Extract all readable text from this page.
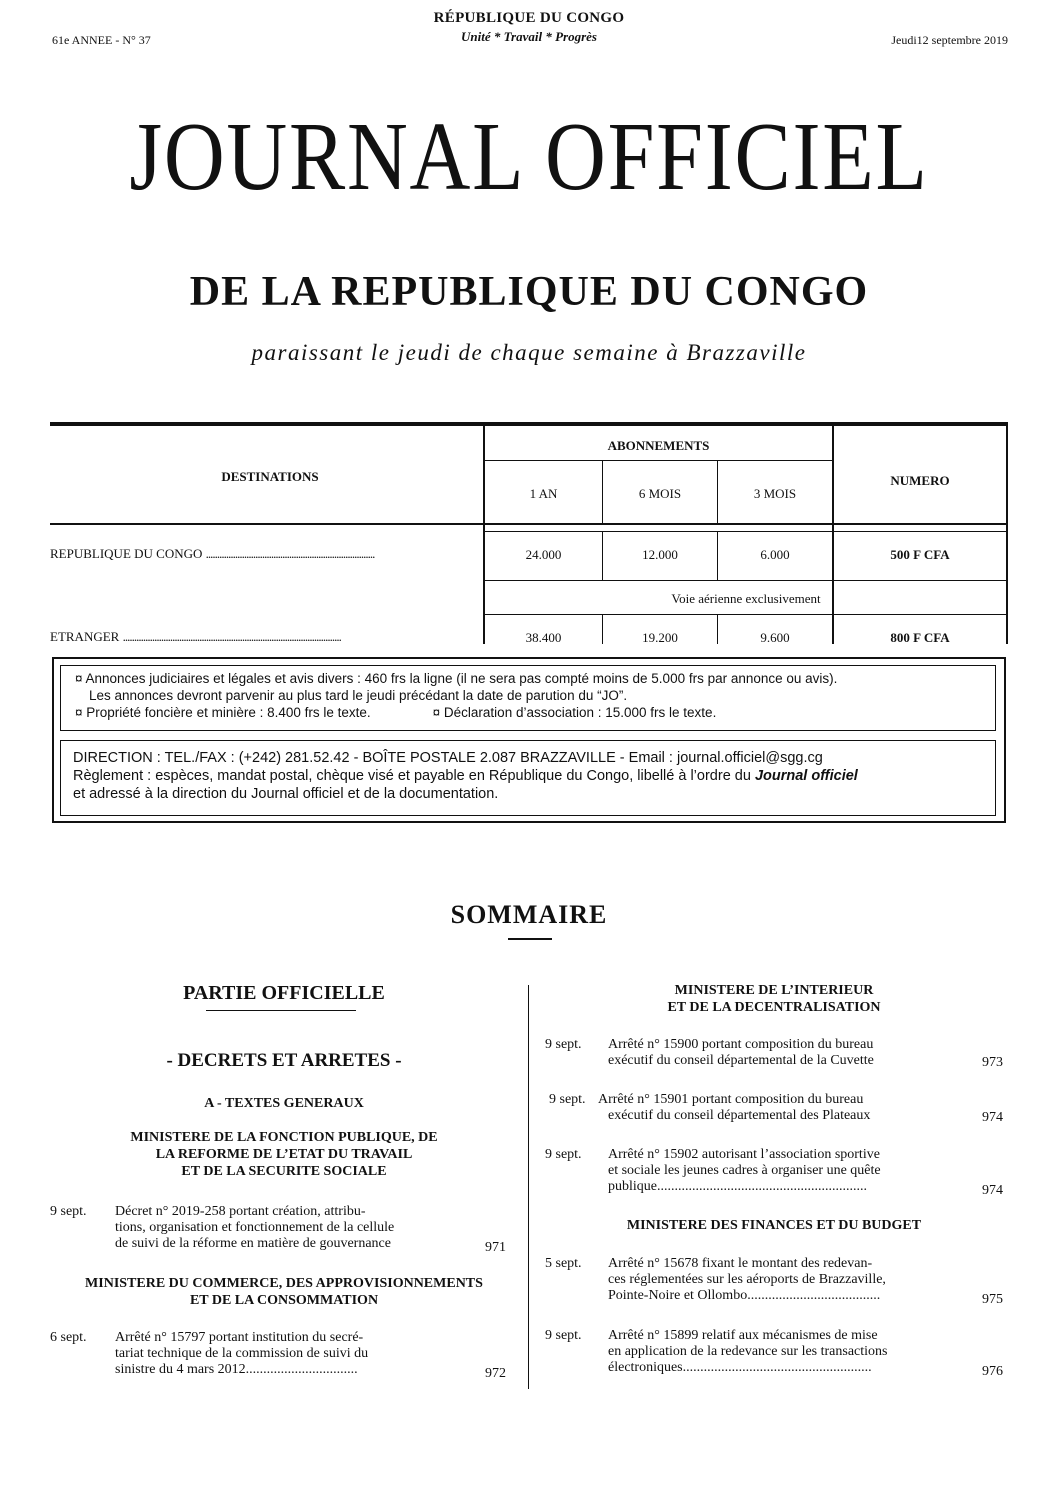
61e ANNEE - N° 37
RÉPUBLIQUE DU CONGO
Unité * Travail * Progrès	Jeudi12 septembre 2019
JOURNAL OFFICIEL
DE LA REPUBLIQUE DU CONGO
paraissant le jeudi de chaque semaine à Brazzaville
DESTINATIONS
ABONNEMENTS
NUMERO
1 AN	6 MOIS	3 MOIS
REPUBLIQUE DU CONGO ...........................................................................	24.000	12.000	6.000	500 F CFA
Voie aérienne exclusivement
ETRANGER .................................................................................................	38.400	19.200	9.600	800 F CFA
¤ Annonces judiciaires et légales et avis divers : 460 frs la ligne (il ne sera pas compté moins de 5.000 frs par annonce ou avis).
Les annonces devront parvenir au plus tard le jeudi précédant la date de parution du “JO”.
¤ Propriété foncière et minière : 8.400 frs le texte.	¤ Déclaration d’association : 15.000 frs le texte.
DIRECTION : TEL./FAX : (+242) 281.52.42 - BOÎTE POSTALE 2.087 BRAZZAVILLE - Email : journal.officiel@sgg.cg
Règlement : espèces, mandat postal, chèque visé et payable en République du Congo, libellé à l’ordre du Journal officiel
et adressé à la direction du Journal officiel et de la documentation.
SOMMAIRE
PARTIE OFFICIELLE
- DECRETS ET ARRETES -
A - TEXTES GENERAUX
MINISTERE DE LA FONCTION PUBLIQUE, DE
LA REFORME DE L’ETAT DU TRAVAIL
ET DE LA SECURITE SOCIALE
9 sept. Décret n° 2019-258 portant création, attribu-
tions, organisation et fonctionnement de la cellule
de suivi de la réforme en matière de gouvernance	971
MINISTERE DU COMMERCE, DES APPROVISIONNEMENTS
ET DE LA CONSOMMATION
6 sept. Arrêté n° 15797 portant institution du secré-
tariat technique de la commission de suivi du
sinistre du 4 mars 2012................................	972
MINISTERE DE L’INTERIEUR
ET DE LA DECENTRALISATION
9 sept. Arrêté n° 15900 portant composition du bureau
exécutif du conseil départemental de la Cuvette	973
9 sept. Arrêté n° 15901 portant composition du bureau
exécutif du conseil départemental des Plateaux	974
9 sept. Arrêté n° 15902 autorisant l’association sportive
et sociale les jeunes cadres à organiser une quête
publique............................................................	974
MINISTERE DES FINANCES ET DU BUDGET
5 sept. Arrêté n° 15678 fixant le montant des redevan-
ces réglementées sur les aéroports de Brazzaville,
Pointe-Noire et Ollombo......................................	975
9 sept. Arrêté n° 15899 relatif aux mécanismes de mise
en application de la redevance sur les transactions
électroniques......................................................	976
